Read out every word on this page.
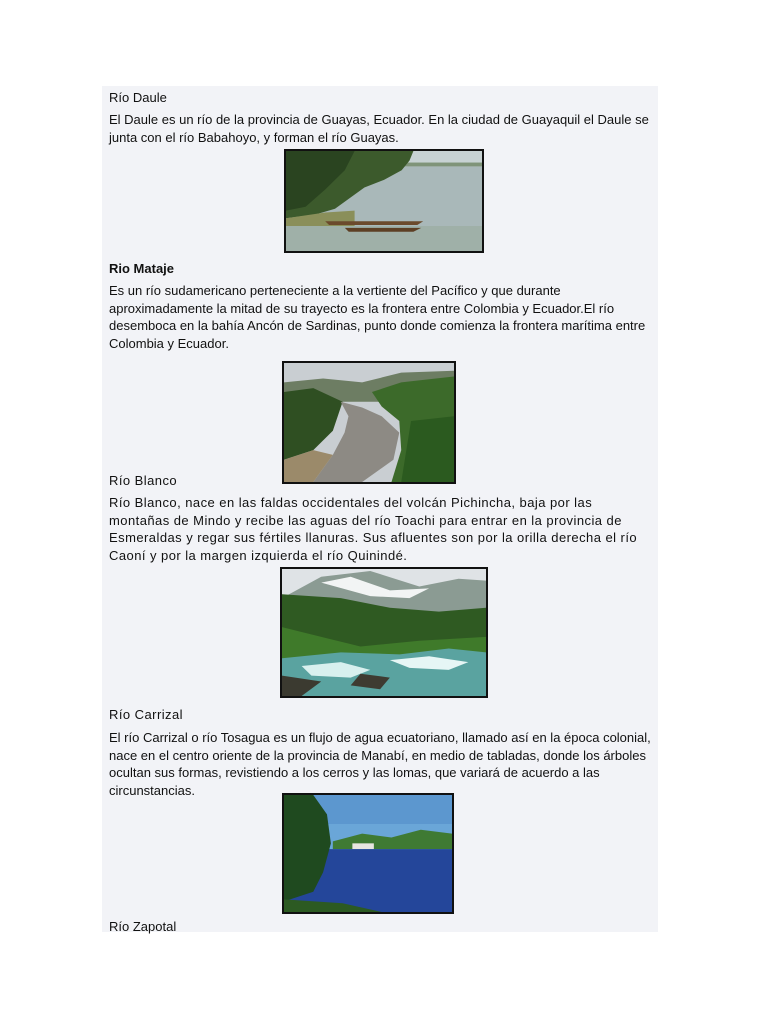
Río Daule
El Daule es un río de la provincia de Guayas, Ecuador. En la ciudad de Guayaquil el Daule se junta con el río Babahoyo, y forman el río Guayas.
Rio Mataje
Es un río sudamericano perteneciente a la vertiente del Pacífico y que durante aproximadamente la mitad de su trayecto es la frontera entre Colombia y Ecuador.El río desemboca en la bahía Ancón de Sardinas, punto donde comienza la frontera marítima entre Colombia y Ecuador.
Río Blanco
Río Blanco, nace en las faldas occidentales del volcán Pichincha, baja por las montañas de Mindo y recibe las aguas del río Toachi para entrar en la provincia de Esmeraldas y regar sus fértiles llanuras. Sus afluentes son por la orilla derecha el río Caoní y por la margen izquierda el río Quinindé.
Río Carrizal
El río Carrizal o río Tosagua es un flujo de agua ecuatoriano, llamado así en la época colonial, nace en el centro oriente de la provincia de Manabí, en medio de tabladas, donde los árboles ocultan sus formas, revistiendo a los cerros y las lomas, que variará de acuerdo a las circunstancias.
Río Zapotal
